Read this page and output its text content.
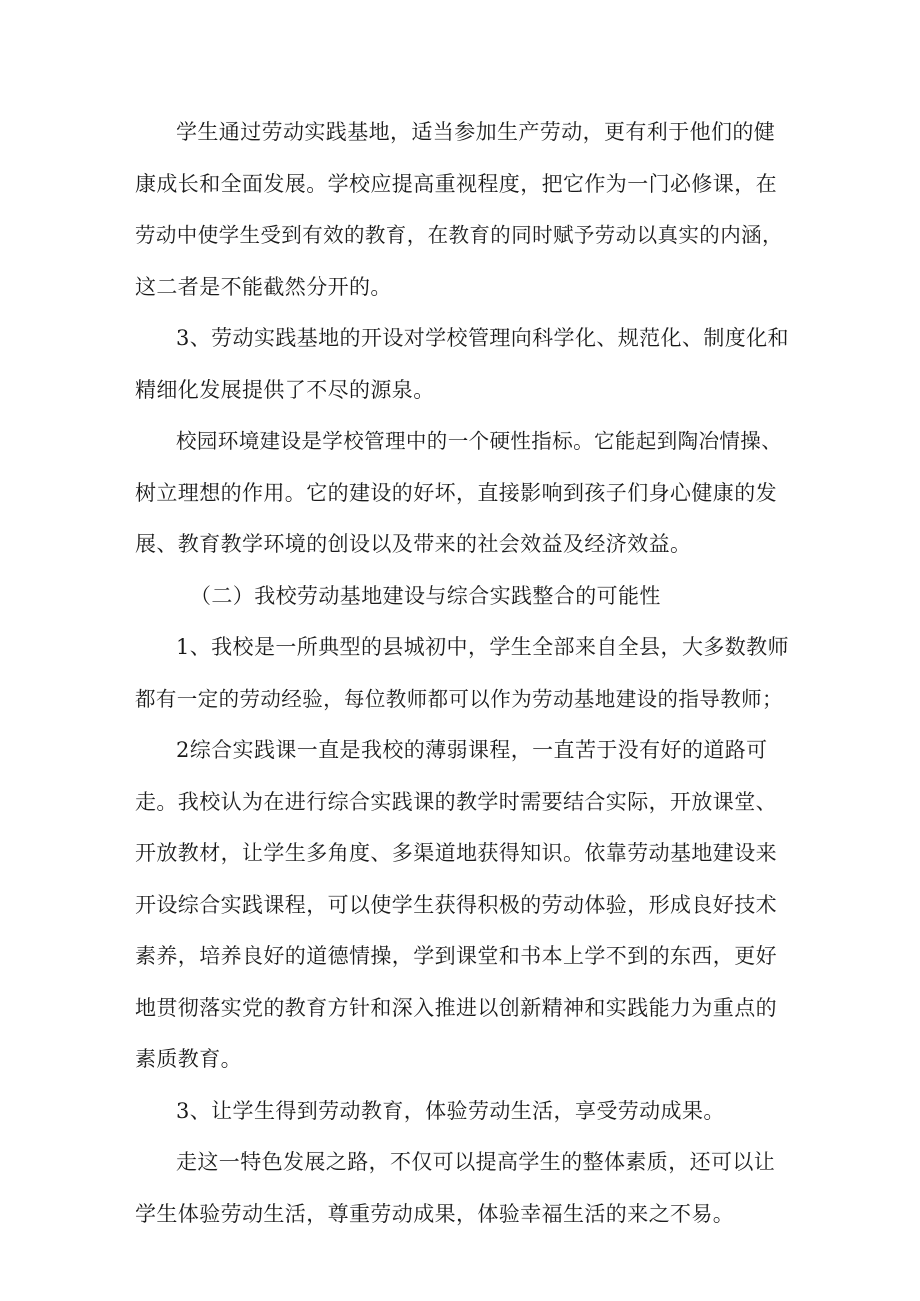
学生通过劳动实践基地，适当参加生产劳动，更有利于他们的健

康成长和全面发展。学校应提高重视程度，把它作为一门必修课，在

劳动中使学生受到有效的教育，在教育的同时赋予劳动以真实的内涵，

这二者是不能截然分开的。

3、劳动实践基地的开设对学校管理向科学化、规范化、制度化和

精细化发展提供了不尽的源泉。

校园环境建设是学校管理中的一个硬性指标。它能起到陶冶情操、

树立理想的作用。它的建设的好坏，直接影响到孩子们身心健康的发

展、教育教学环境的创设以及带来的社会效益及经济效益。

（二）我校劳动基地建设与综合实践整合的可能性

1、我校是一所典型的县城初中，学生全部来自全县，大多数教师

都有一定的劳动经验，每位教师都可以作为劳动基地建设的指导教师；

2综合实践课一直是我校的薄弱课程，一直苦于没有好的道路可

走。我校认为在进行综合实践课的教学时需要结合实际，开放课堂、

开放教材，让学生多角度、多渠道地获得知识。依靠劳动基地建设来

开设综合实践课程，可以使学生获得积极的劳动体验，形成良好技术

素养，培养良好的道德情操，学到课堂和书本上学不到的东西，更好

地贯彻落实党的教育方针和深入推进以创新精神和实践能力为重点的

素质教育。

3、让学生得到劳动教育，体验劳动生活，享受劳动成果。

走这一特色发展之路，不仅可以提高学生的整体素质，还可以让

学生体验劳动生活，尊重劳动成果，体验幸福生活的来之不易。
